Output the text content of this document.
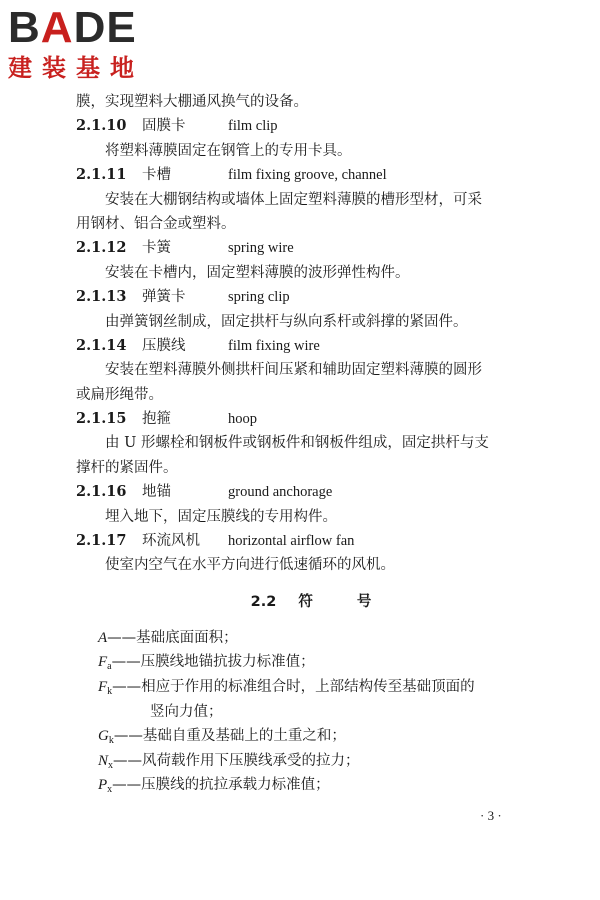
BADE
建装基地
膜，实现塑料大棚通风换气的设备。
2.1.10 固膜卡	film clip
将塑料薄膜固定在钢管上的专用卡具。
2.1.11 卡槽	film fixing groove, channel
安装在大棚钢结构或墙体上固定塑料薄膜的槽形型材，可采
用钢材、铝合金或塑料。
2.1.12 卡簧	spring wire
安装在卡槽内，固定塑料薄膜的波形弹性构件。
2.1.13 弹簧卡	spring clip
由弹簧钢丝制成，固定拱杆与纵向系杆或斜撑的紧固件。
2.1.14 压膜线	film fixing wire
安装在塑料薄膜外侧拱杆间压紧和辅助固定塑料薄膜的圆形
或扁形绳带。
2.1.15 抱箍	hoop
由 U 形螺栓和钢板件或钢板件和钢板件组成，固定拱杆与支
撑杆的紧固件。
2.1.16 地锚	ground anchorage
埋入地下，固定压膜线的专用构件。
2.1.17 环流风机 horizontal airflow fan
使室内空气在水平方向进行低速循环的风机。
2.2 符	号
A——基础底面面积；
$F_a——$压膜线地锚抗拔力标准值；
$F_k——$相应于作用的标准组合时，上部结构传至基础顶面的
竖向力值；
$G_k——$基础自重及基础上的土重之和；
$N_x——$风荷载作用下压膜线承受的拉力；
$P_x——$压膜线的抗拉承载力标准值；
· 3 ·
